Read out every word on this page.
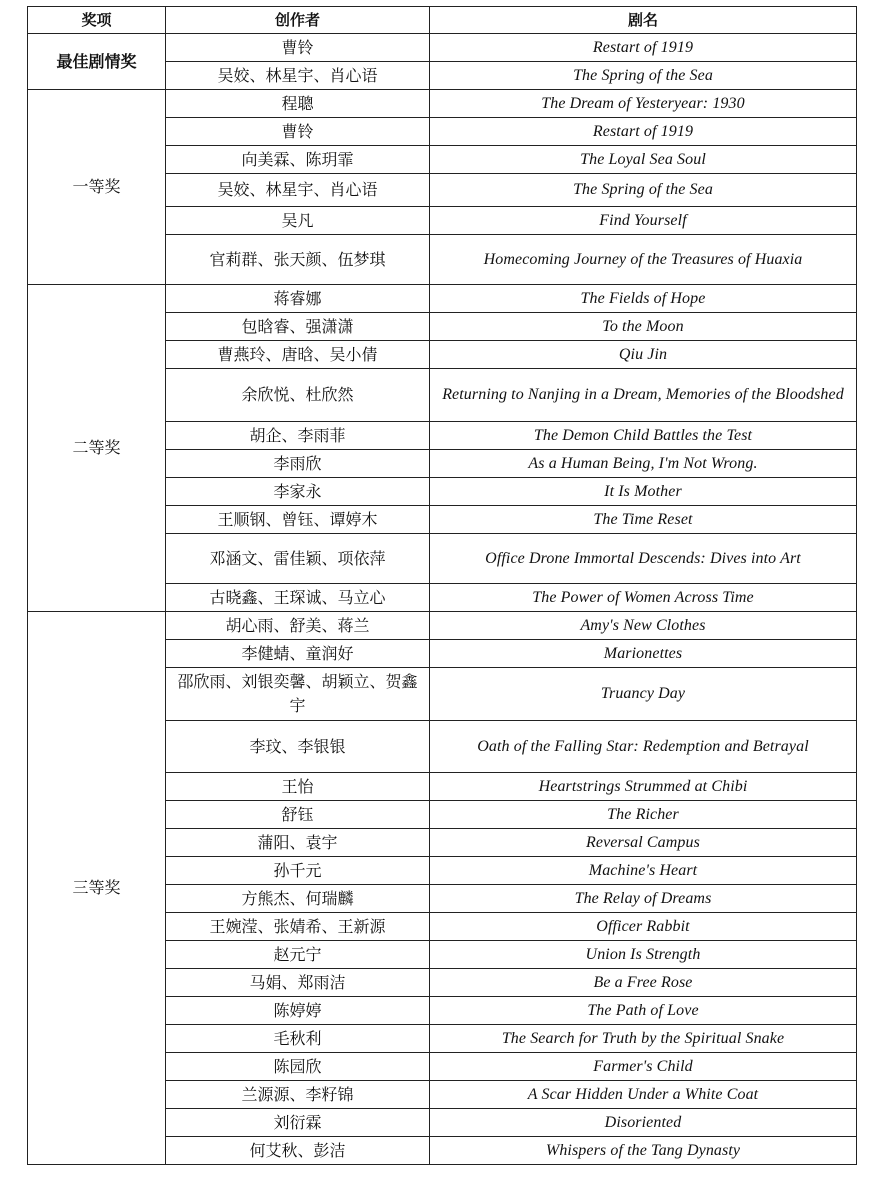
奖项	创作者	剧名
最佳剧情奖	曹铃	Restart of 1919
	吴姣、林星宇、肖心语	The Spring of the Sea
一等奖	程聰	The Dream of Yesteryear: 1930
	曹铃	Restart of 1919
	向美霖、陈玥霏	The Loyal Sea Soul
	吴姣、林星宇、肖心语	The Spring of the Sea
	吴凡	Find Yourself
	官莉群、张天颜、伍梦琪	Homecoming Journey of the Treasures of Huaxia
二等奖	蒋睿娜	The Fields of Hope
	包晗睿、强潇潇	To the Moon
	曹燕玲、唐晗、吴小倩	Qiu Jin
	余欣悦、杜欣然	Returning to Nanjing in a Dream, Memories of the Bloodshed
	胡企、李雨菲	The Demon Child Battles the Test
	李雨欣	As a Human Being, I'm Not Wrong.
	李家永	It Is Mother
	王顺钢、曾钰、谭婷木	The Time Reset
	邓涵文、雷佳颖、项依萍	Office Drone Immortal Descends: Dives into Art
	古晓鑫、王琛诚、马立心	The Power of Women Across Time
三等奖	胡心雨、舒美、蒋兰	Amy's New Clothes
	李健蜻、童润好	Marionettes
	邵欣雨、刘银奕馨、胡颖立、贺鑫宇	Truancy Day
	李玟、李银银	Oath of the Falling Star: Redemption and Betrayal
	王怡	Heartstrings Strummed at Chibi
	舒钰	The Richer
	蒲阳、袁宇	Reversal Campus
	孙千元	Machine's Heart
	方熊杰、何瑞麟	The Relay of Dreams
	王婉滢、张婧希、王新源	Officer Rabbit
	赵元宁	Union Is Strength
	马娟、郑雨洁	Be a Free Rose
	陈婷婷	The Path of Love
	毛秋利	The Search for Truth by the Spiritual Snake
	陈园欣	Farmer's Child
	兰源源、李籽锦	A Scar Hidden Under a White Coat
	刘衍霖	Disoriented
	何艾秋、彭洁	Whispers of the Tang Dynasty
